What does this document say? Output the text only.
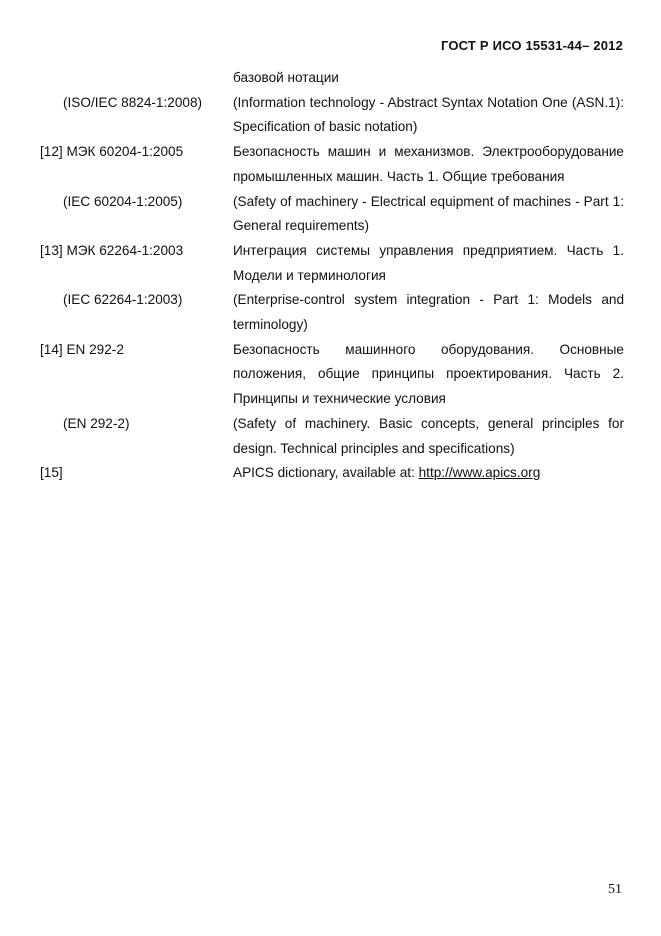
ГОСТ Р ИСО 15531-44– 2012
базовой нотации
(ISO/IEC 8824-1:2008)	(Information technology - Abstract Syntax Notation One (ASN.1): Specification of basic notation)
[12] МЭК 60204-1:2005	Безопасность машин и механизмов. Электрооборудование промышленных машин. Часть 1. Общие требования
(IEC 60204-1:2005)	(Safety of machinery - Electrical equipment of machines - Part 1: General requirements)
[13] МЭК 62264-1:2003	Интеграция системы управления предприятием. Часть 1. Модели и терминология
(IEC 62264-1:2003)	(Enterprise-control system integration - Part 1: Models and terminology)
[14] EN 292-2	Безопасность машинного оборудования. Основные положения, общие принципы проектирования. Часть 2. Принципы и технические условия
(EN 292-2)	(Safety of machinery. Basic concepts, general principles for design. Technical principles and specifications)
[15]	APICS dictionary, available at: http://www.apics.org
51
